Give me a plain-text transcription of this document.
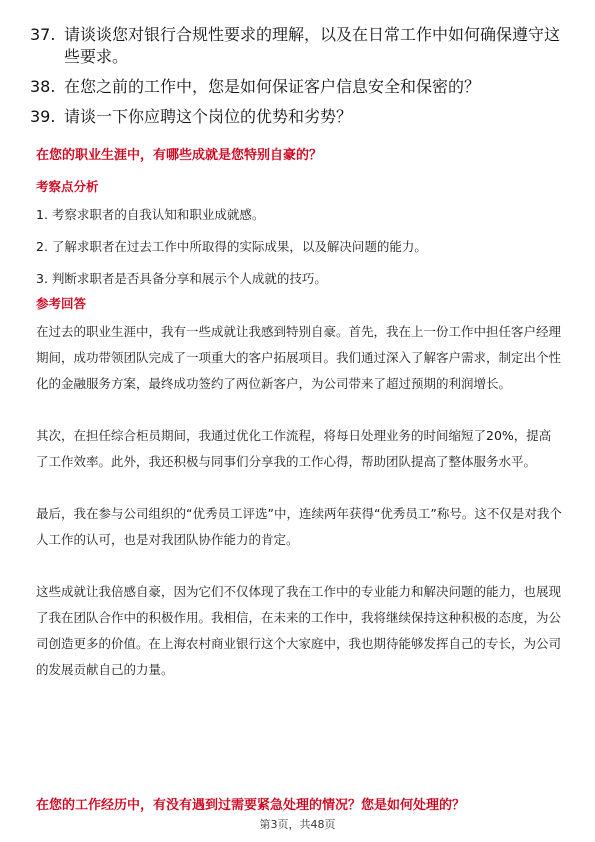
37. 请谈谈您对银行合规性要求的理解，以及在日常工作中如何确保遵守这些要求。
38. 在您之前的工作中，您是如何保证客户信息安全和保密的？
39. 请谈一下你应聘这个岗位的优势和劣势？
在您的职业生涯中，有哪些成就是您特别自豪的？
考察点分析
1. 考察求职者的自我认知和职业成就感。
2. 了解求职者在过去工作中所取得的实际成果，以及解决问题的能力。
3. 判断求职者是否具备分享和展示个人成就的技巧。
参考回答

在过去的职业生涯中，我有一些成就让我感到特别自豪。首先，我在上一份工作中担任客户经理期间，成功带领团队完成了一项重大的客户拓展项目。我们通过深入了解客户需求，制定出个性化的金融服务方案，最终成功签约了两位新客户，为公司带来了超过预期的利润增长。

其次，在担任综合柜员期间，我通过优化工作流程，将每日处理业务的时间缩短了20%，提高了工作效率。此外，我还积极与同事们分享我的工作心得，帮助团队提高了整体服务水平。

最后，我在参与公司组织的“优秀员工评选”中，连续两年获得“优秀员工”称号。这不仅是对我个人工作的认可，也是对我团队协作能力的肯定。

这些成就让我倍感自豪，因为它们不仅体现了我在工作中的专业能力和解决问题的能力，也展现了我在团队合作中的积极作用。我相信，在未来的工作中，我将继续保持这种积极的态度，为公司创造更多的价值。在上海农村商业银行这个大家庭中，我也期待能够发挥自己的专长，为公司的发展贡献自己的力量。

在您的工作经历中，有没有遇到过需要紧急处理的情况？您是如何处理的？
第3页，共48页
